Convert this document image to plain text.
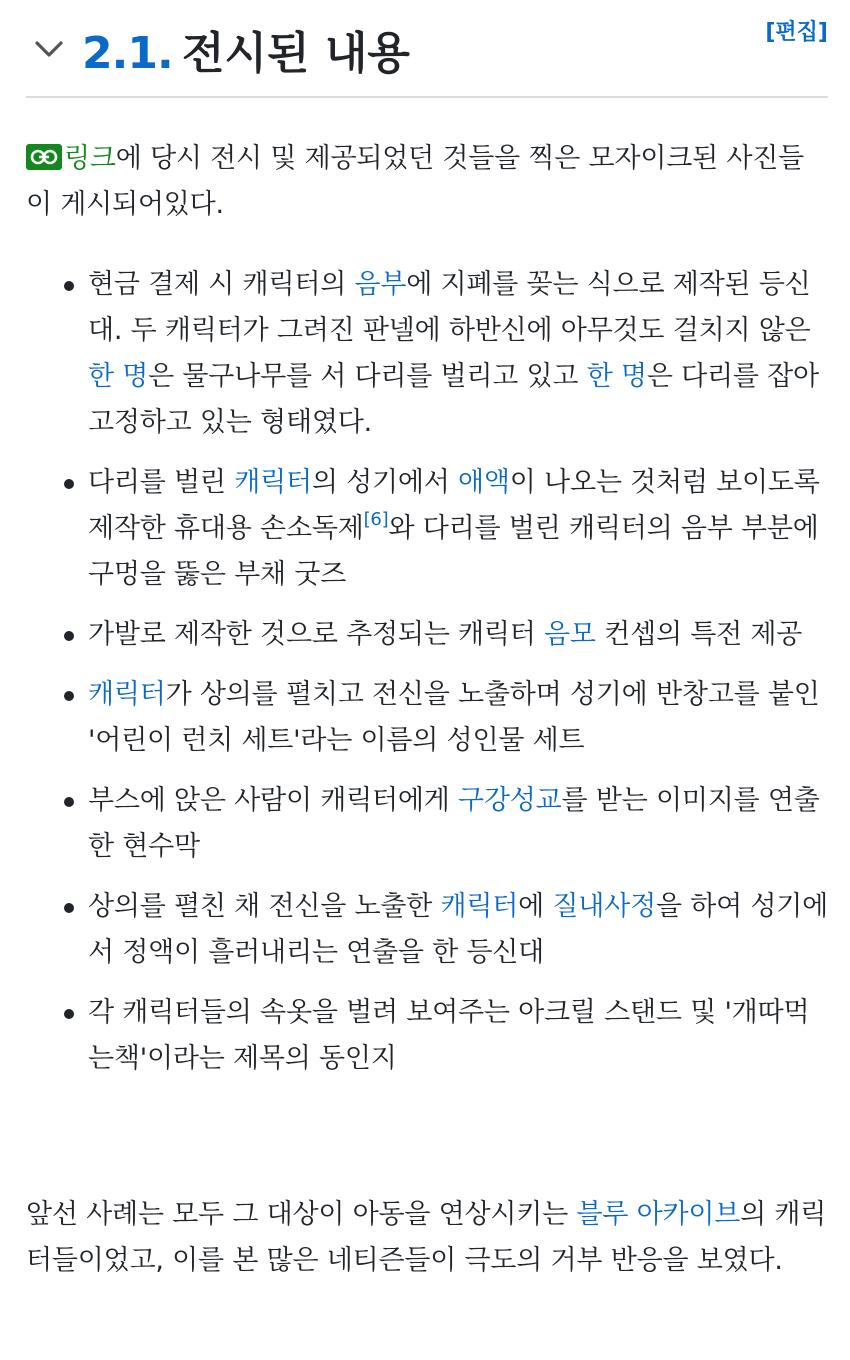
2.1. 전시된 내용	[편집]

링크에 당시 전시 및 제공되었던 것들을 찍은 모자이크된 사진들이 게시되어있다.

현금 결제 시 캐릭터의 음부에 지폐를 꽂는 식으로 제작된 등신대. 두 캐릭터가 그려진 판넬에 하반신에 아무것도 걸치지 않은 한 명은 물구나무를 서 다리를 벌리고 있고 한 명은 다리를 잡아 고정하고 있는 형태였다.
다리를 벌린 캐릭터의 성기에서 애액이 나오는 것처럼 보이도록 제작한 휴대용 손소독제[6]와 다리를 벌린 캐릭터의 음부 부분에 구멍을 뚫은 부채 굿즈
가발로 제작한 것으로 추정되는 캐릭터 음모 컨셉의 특전 제공
캐릭터가 상의를 펼치고 전신을 노출하며 성기에 반창고를 붙인 '어린이 런치 세트'라는 이름의 성인물 세트
부스에 앉은 사람이 캐릭터에게 구강성교를 받는 이미지를 연출한 현수막
상의를 펼친 채 전신을 노출한 캐릭터에 질내사정을 하여 성기에서 정액이 흘러내리는 연출을 한 등신대
각 캐릭터들의 속옷을 벌려 보여주는 아크릴 스탠드 및 '개따먹는책'이라는 제목의 동인지

앞선 사례는 모두 그 대상이 아동을 연상시키는 블루 아카이브의 캐릭터들이었고, 이를 본 많은 네티즌들이 극도의 거부 반응을 보였다.
